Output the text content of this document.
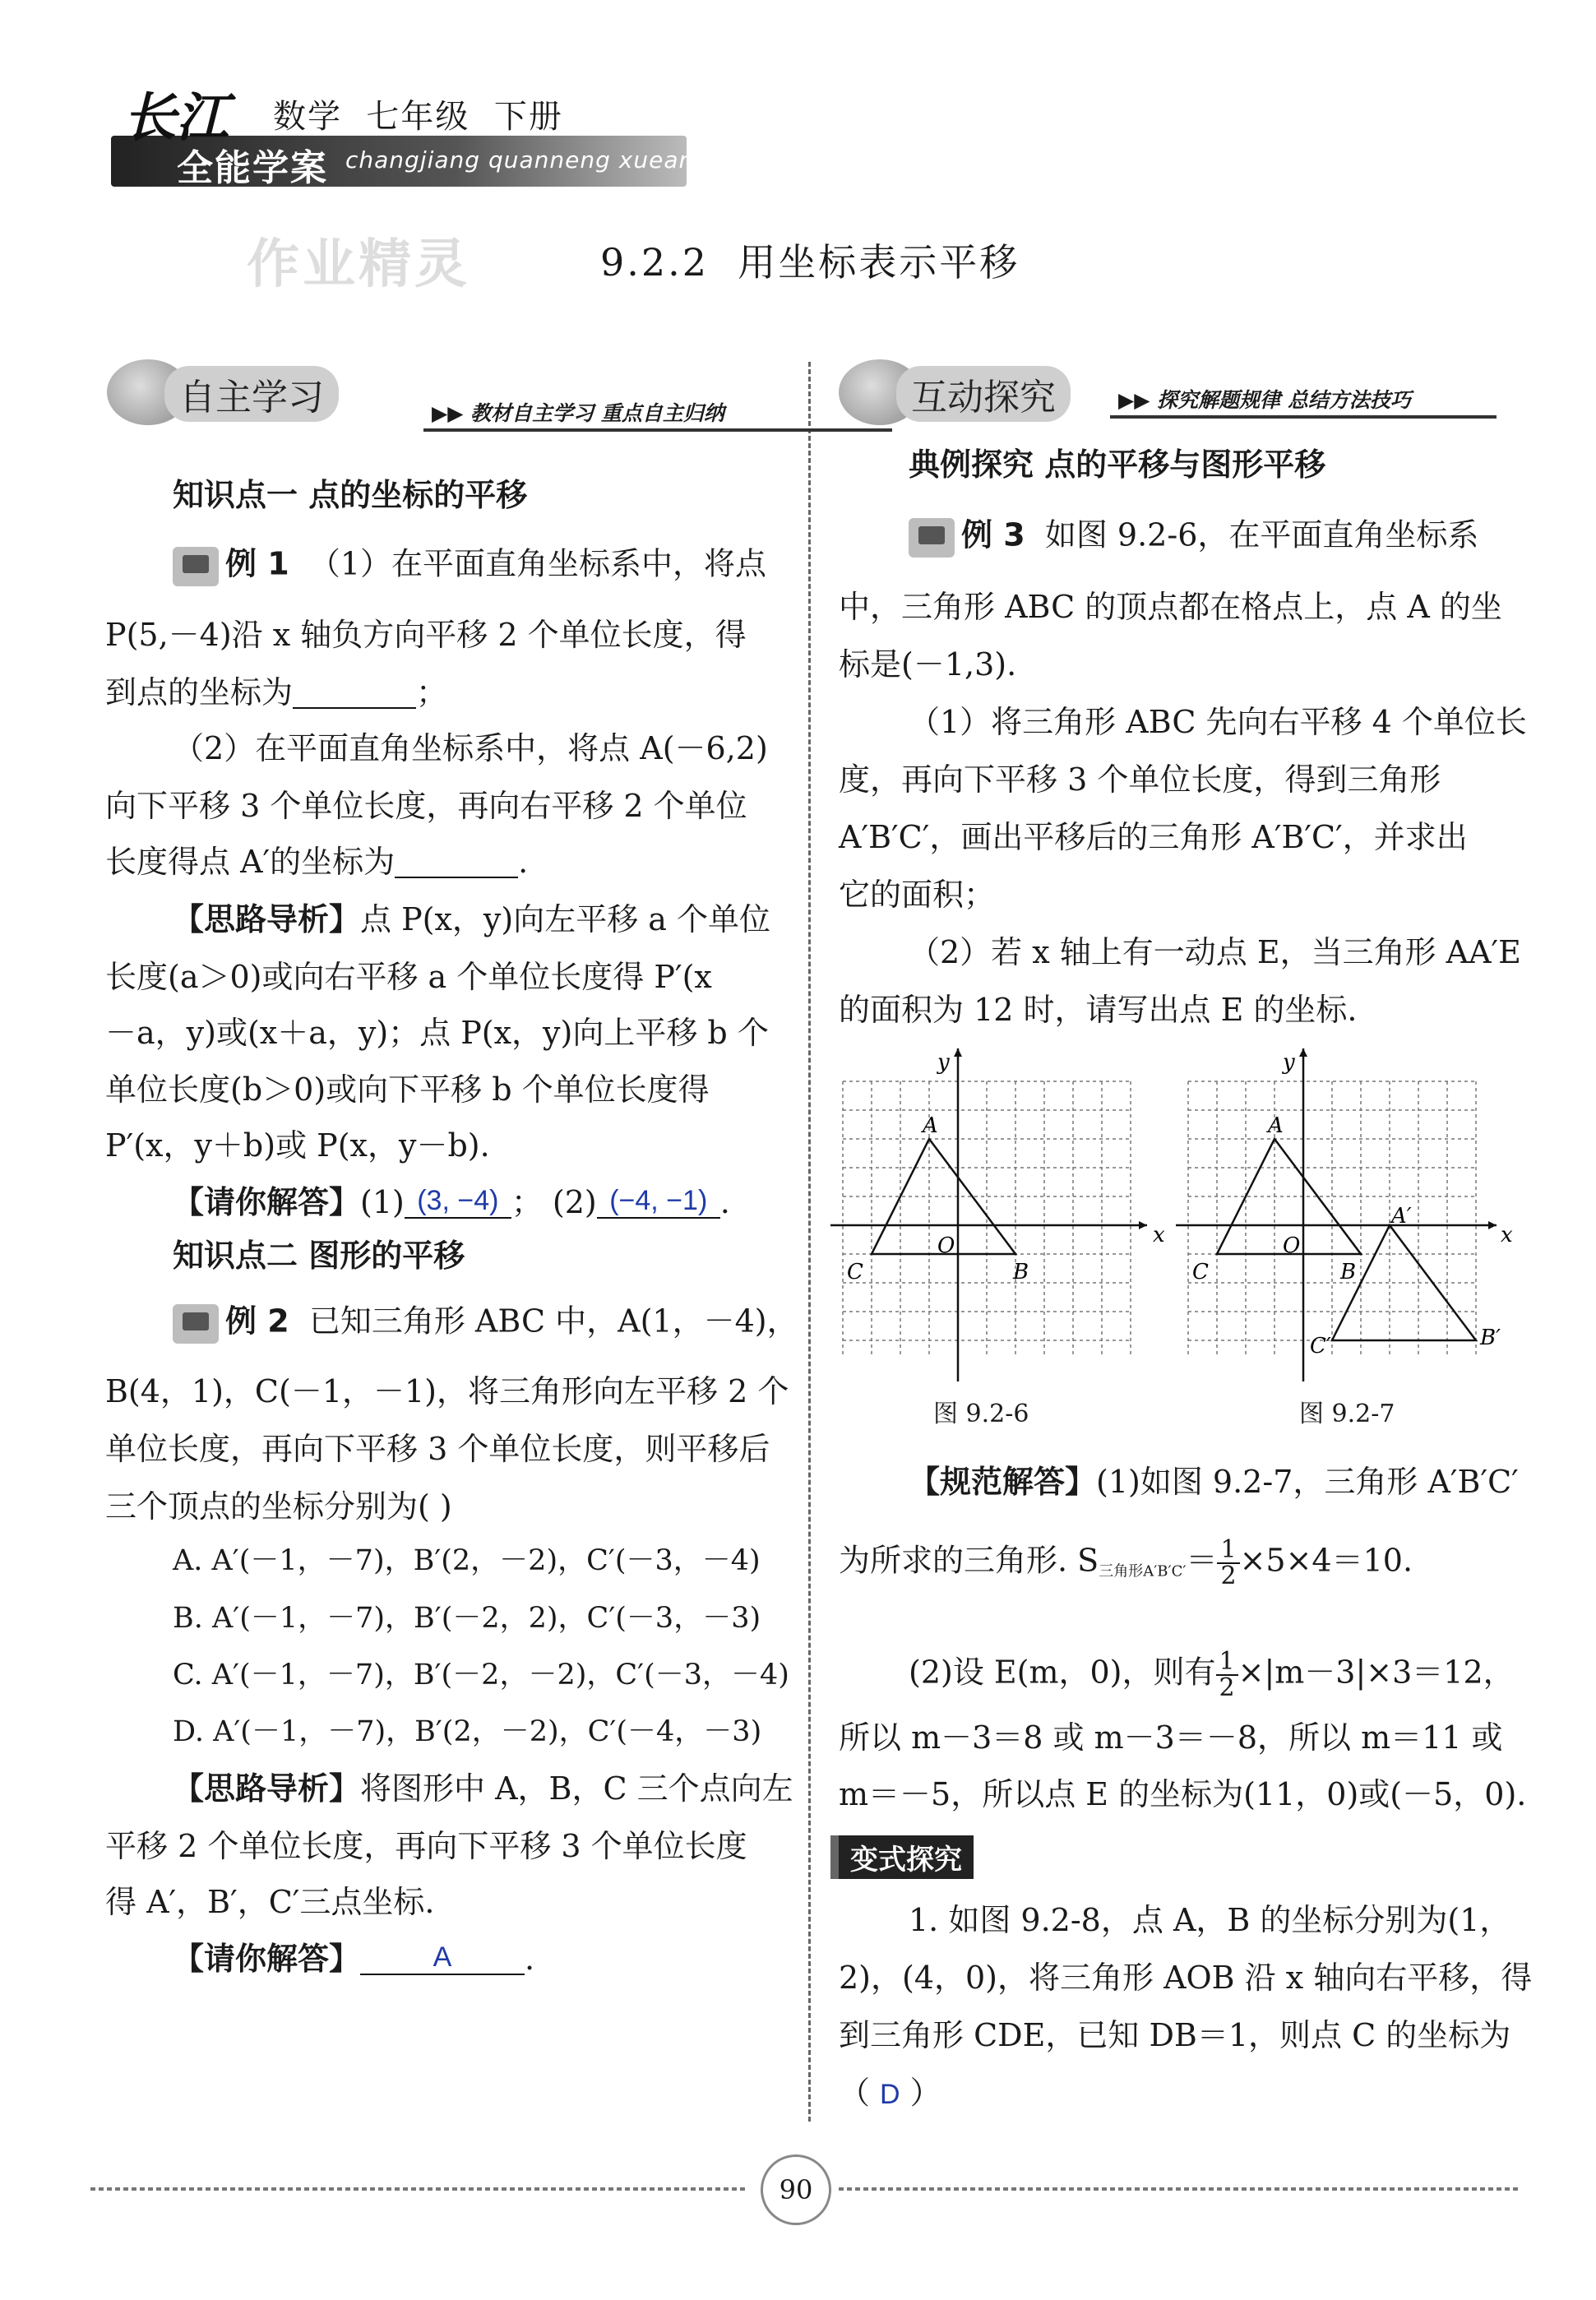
长江
全能学案 changjiang quanneng xuean
数学  七年级  下册
作业精灵	9.2.2  用坐标表示平移
自主学习	▶▶ 教材自主学习 重点自主归纳
知识点一 点的坐标的平移
例 1 （1）在平面直角坐标系中，将点
P(5,－4)沿 x 轴负方向平移 2 个单位长度，得
到点的坐标为	；
（2）在平面直角坐标系中，将点 A(－6,2)
向下平移 3 个单位长度，再向右平移 2 个单位
长度得点 A′的坐标为	.
【思路导析】点 P(x，y)向左平移 a 个单位
长度(a＞0)或向右平移 a 个单位长度得 P′(x
－a，y)或(x＋a，y)；点 P(x，y)向上平移 b 个
单位长度(b＞0)或向下平移 b 个单位长度得
P′(x，y＋b)或 P(x，y－b).
【请你解答】(1) (3, −4) ； (2) (−4, −1) .
知识点二 图形的平移
例 2 已知三角形 ABC 中，A(1，－4)，
B(4，1)，C(－1，－1)，将三角形向左平移 2 个
单位长度，再向下平移 3 个单位长度，则平移后
三个顶点的坐标分别为( )
A. A′(－1，－7)，B′(2，－2)，C′(－3，－4)
B. A′(－1，－7)，B′(－2，2)，C′(－3，－3)
C. A′(－1，－7)，B′(－2，－2)，C′(－3，－4)
D. A′(－1，－7)，B′(2，－2)，C′(－4，－3)
【思路导析】将图形中 A，B，C 三个点向左
平移 2 个单位长度，再向下平移 3 个单位长度
得 A′，B′，C′三点坐标.
【请你解答】	A .
互动探究	▶▶ 探究解题规律 总结方法技巧
典例探究 点的平移与图形平移
例 3 如图 9.2-6，在平面直角坐标系
中，三角形 ABC 的顶点都在格点上，点 A 的坐
标是(－1,3).
（1）将三角形 ABC 先向右平移 4 个单位长
度，再向下平移 3 个单位长度，得到三角形
A′B′C′，画出平移后的三角形 A′B′C′，并求出
它的面积；
（2）若 x 轴上有一动点 E，当三角形 AA′E
的面积为 12 时，请写出点 E 的坐标.
x
y
O
A
C	B
x
y
O
A
C	B
A′
B′
C′
图 9.2-6	图 9.2-7
【规范解答】(1)如图 9.2-7，三角形 A′B′C′
为所求的三角形. S三角形$A'B'C'= \frac{1}{2} \times 5\times 4=10$.
(2)设 E(m，0)，则有 $\frac{1}{2} \times|m-3|\times 3=12$，
所以 m－3＝8 或 m－3＝－8，所以 m＝11 或
m＝－5，所以点 E 的坐标为(11，0)或(－5，0).
变式探究
1. 如图 9.2-8，点 A，B 的坐标分别为(1，
2)，(4，0)，将三角形 AOB 沿 x 轴向右平移，得
到三角形 CDE，已知 DB＝1，则点 C 的坐标为
（ D ）
90
